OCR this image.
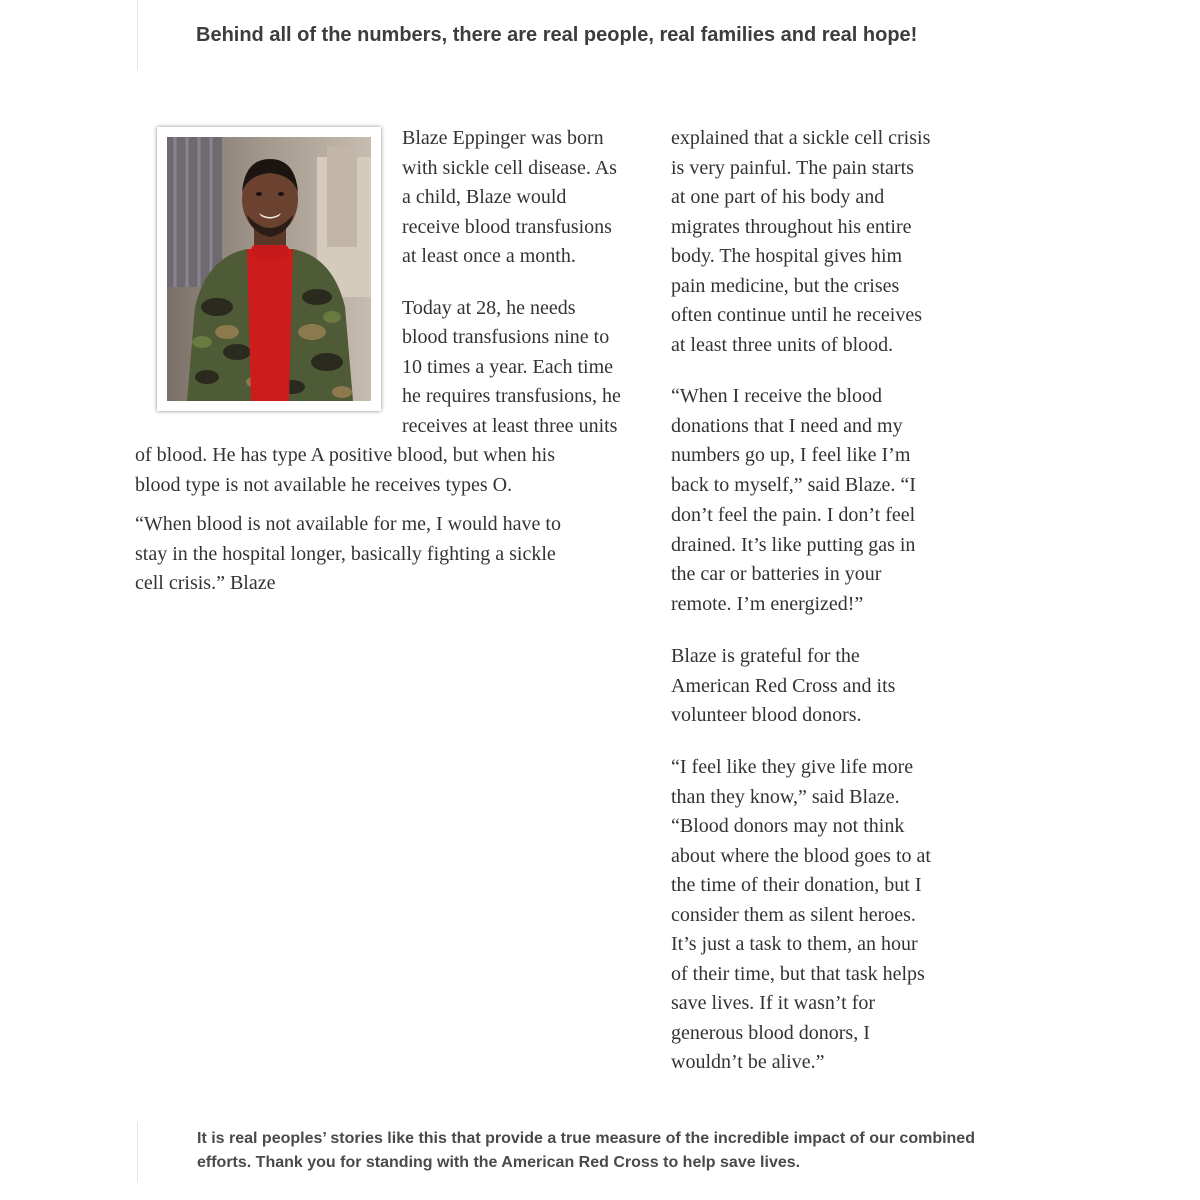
Behind all of the numbers, there are real people, real families and real hope!
Blaze Eppinger was born
with sickle cell disease. As
a child, Blaze would
receive blood transfusions
at least once a month.
Today at 28, he needs
blood transfusions nine to
10 times a year. Each time
he requires transfusions, he
receives at least three units
of blood. He has type A positive blood, but when his
blood type is not available he receives types O.
“When blood is not available for me, I would have to
stay in the hospital longer, basically fighting a sickle
cell crisis.” Blaze
explained that a sickle cell crisis
is very painful. The pain starts
at one part of his body and
migrates throughout his entire
body. The hospital gives him
pain medicine, but the crises
often continue until he receives
at least three units of blood.
“When I receive the blood
donations that I need and my
numbers go up, I feel like I’m
back to myself,” said Blaze. “I
don’t feel the pain. I don’t feel
drained. It’s like putting gas in
the car or batteries in your
remote. I’m energized!”
Blaze is grateful for the
American Red Cross and its
volunteer blood donors.
“I feel like they give life more
than they know,” said Blaze.
“Blood donors may not think
about where the blood goes to at
the time of their donation, but I
consider them as silent heroes.
It’s just a task to them, an hour
of their time, but that task helps
save lives. If it wasn’t for
generous blood donors, I
wouldn’t be alive.”
It is real peoples’ stories like this that provide a true measure of the incredible impact of our combined
efforts. Thank you for standing with the American Red Cross to help save lives.
